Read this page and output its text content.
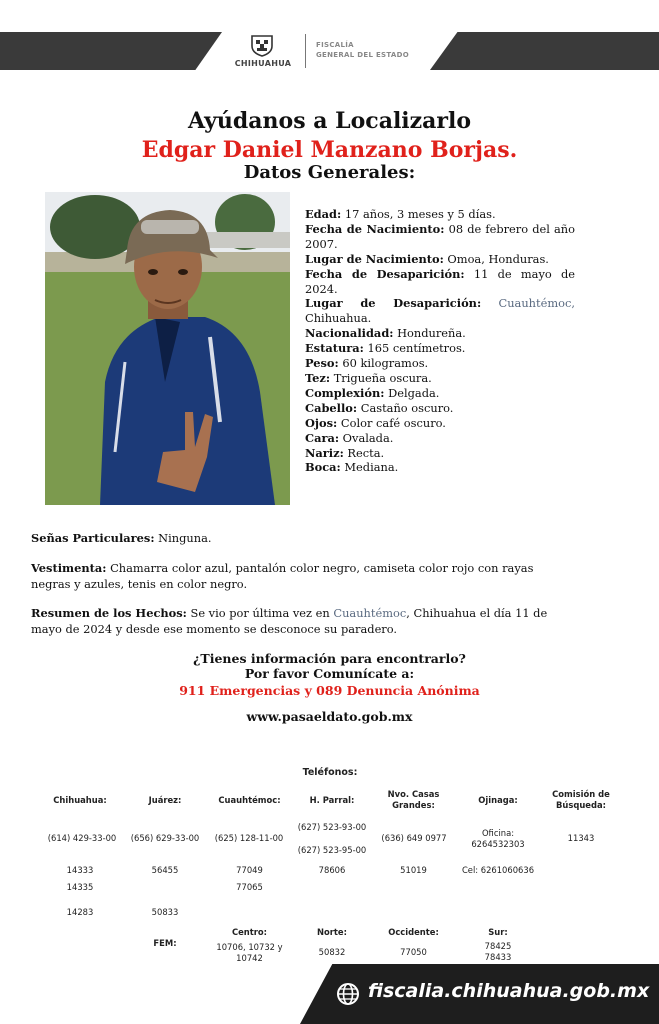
CHIHUAHUA
FISCALÍA
GENERAL DEL ESTADO
Ayúdanos a Localizarlo
Edgar Daniel Manzano Borjas.
Datos Generales:
Edad: 17 años, 3 meses y 5 días.
Fecha de Nacimiento: 08 de febrero del año 2007.
Lugar de Nacimiento: Omoa, Honduras.
Fecha de Desaparición: 11 de mayo de 2024.
Lugar de Desaparición: Cuauhtémoc, Chihuahua.
Nacionalidad: Hondureña.
Estatura: 165 centímetros.
Peso: 60 kilogramos.
Tez: Trigueña oscura.
Complexión: Delgada.
Cabello: Castaño oscuro.
Ojos: Color café oscuro.
Cara: Ovalada.
Nariz: Recta.
Boca: Mediana.
Señas Particulares: Ninguna.
Vestimenta: Chamarra color azul, pantalón color negro, camiseta color rojo con rayas negras y azules, tenis en color negro.
Resumen de los Hechos: Se vio por última vez en Cuauhtémoc, Chihuahua el día 11 de mayo de 2024 y desde ese momento se desconoce su paradero.
¿Tienes información para encontrarlo?
Por favor Comunícate a:
911 Emergencias y 089 Denuncia Anónima
www.pasaeldato.gob.mx
Teléfonos:
Chihuahua:
(614) 429-33-00
14333
14335
14283
Juárez:
(656) 629-33-00
56455
50833
Cuauhtémoc:
(625) 128-11-00
77049
77065
H. Parral:
(627) 523-93-00
(627) 523-95-00
78606
Nvo. Casas
Grandes:
(636) 649 0977
51019
Ojinaga:
Oficina:
6264532303
Cel: 6261060636
Comisión de
Búsqueda:
11343
FEM:
Centro:
10706, 10732 y
10742
Norte:
50832
Occidente:
77050
Sur:
78425
78433
fiscalia.chihuahua.gob.mx
